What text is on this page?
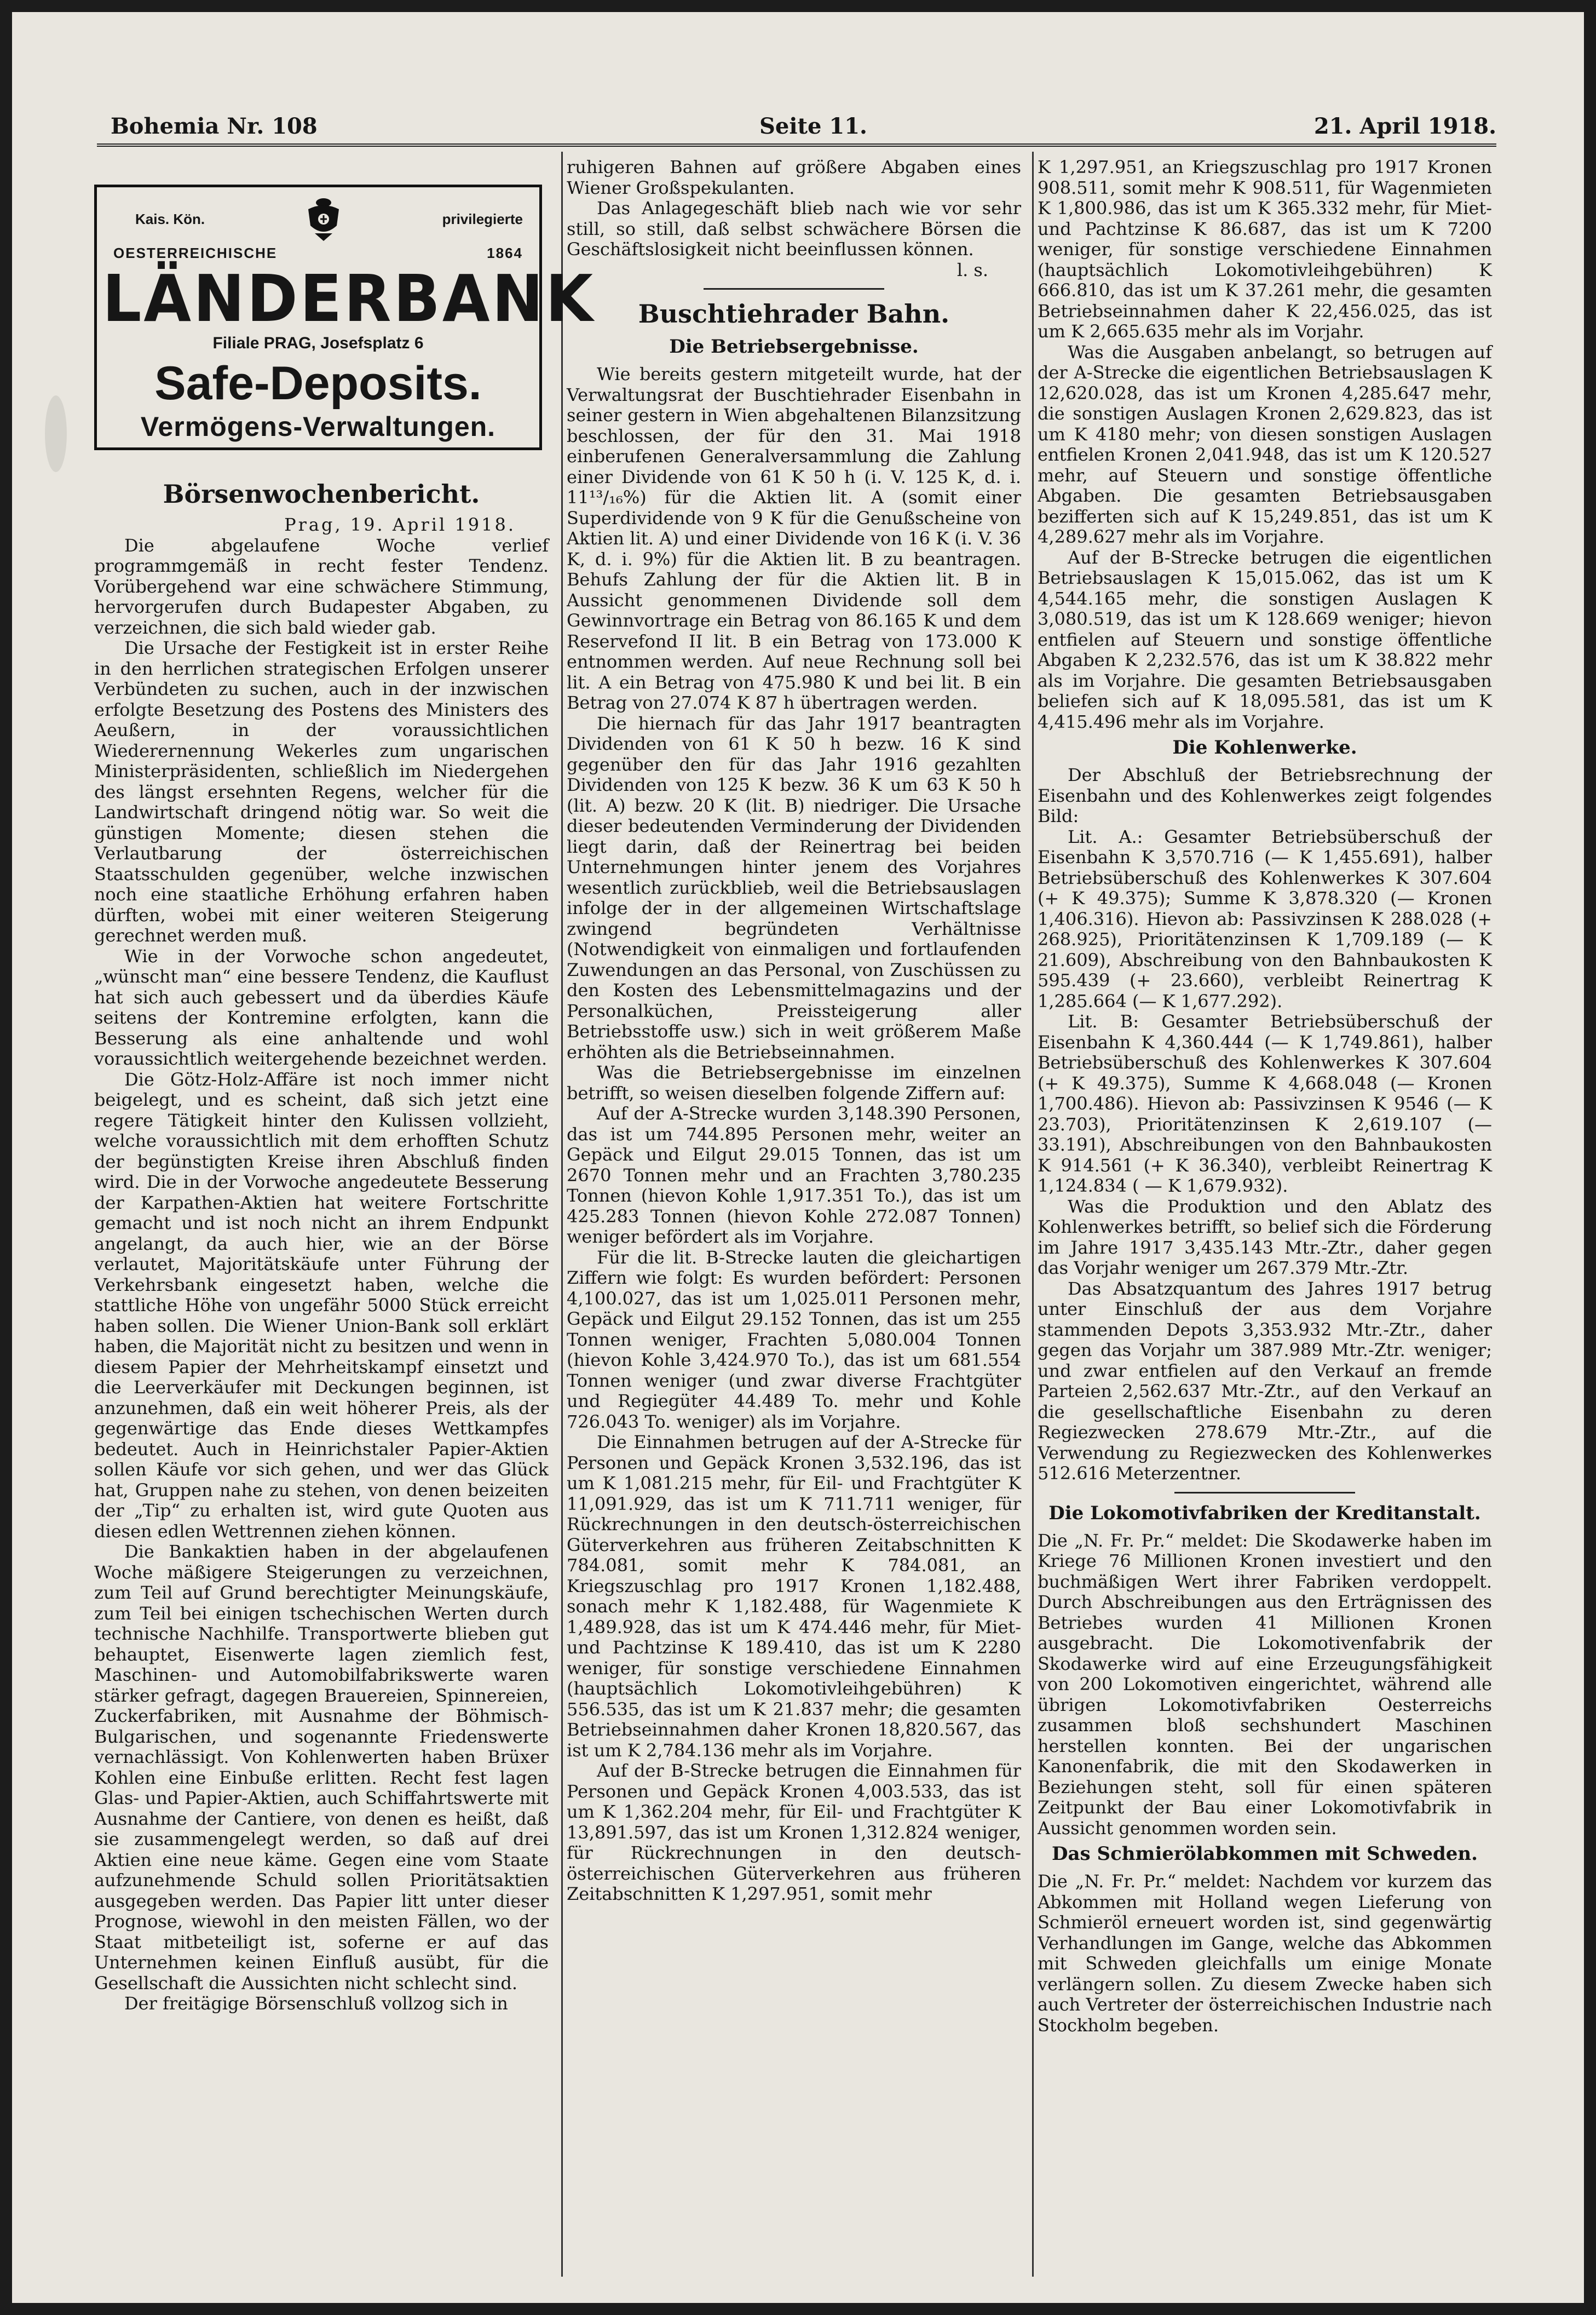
Bohemia Nr. 108	Seite 11.	21. April 1918.
Kais. Kön.	privilegierte
OESTERREICHISCHE	1864
LÄNDERBANK
Filiale PRAG, Josefsplatz 6
Safe-Deposits.
Vermögens-Verwaltungen.
Börsenwochenbericht.

Prag, 19. April 1918.

Die abgelaufene Woche verlief programmgemäß in recht fester Tendenz. Vorübergehend war eine schwächere Stimmung, hervorgerufen durch Budapester Abgaben, zu verzeichnen, die sich bald wieder gab.

Die Ursache der Festigkeit ist in erster Reihe in den herrlichen strategischen Erfolgen unserer Verbündeten zu suchen, auch in der inzwischen erfolgte Besetzung des Postens des Ministers des Aeußern, in der voraussichtlichen Wiederernennung Wekerles zum ungarischen Ministerpräsidenten, schließlich im Niedergehen des längst ersehnten Regens, welcher für die Landwirtschaft dringend nötig war. So weit die günstigen Momente; diesen stehen die Verlautbarung der österreichischen Staatsschulden gegenüber, welche inzwischen noch eine staatliche Erhöhung erfahren haben dürften, wobei mit einer weiteren Steigerung gerechnet werden muß.

Wie in der Vorwoche schon angedeutet, „wünscht man“ eine bessere Tendenz, die Kauflust hat sich auch gebessert und da überdies Käufe seitens der Kontremine erfolgten, kann die Besserung als eine anhaltende und wohl voraussichtlich weitergehende bezeichnet werden.

Die Götz-Holz-Affäre ist noch immer nicht beigelegt, und es scheint, daß sich jetzt eine regere Tätigkeit hinter den Kulissen vollzieht, welche voraussichtlich mit dem erhofften Schutz der begünstigten Kreise ihren Abschluß finden wird. Die in der Vorwoche angedeutete Besserung der Karpathen-Aktien hat weitere Fortschritte gemacht und ist noch nicht an ihrem Endpunkt angelangt, da auch hier, wie an der Börse verlautet, Majoritätskäufe unter Führung der Verkehrsbank eingesetzt haben, welche die stattliche Höhe von ungefähr 5000 Stück erreicht haben sollen. Die Wiener Union-Bank soll erklärt haben, die Majorität nicht zu besitzen und wenn in diesem Papier der Mehrheitskampf einsetzt und die Leerverkäufer mit Deckungen beginnen, ist anzunehmen, daß ein weit höherer Preis, als der gegenwärtige das Ende dieses Wettkampfes bedeutet. Auch in Heinrichstaler Papier-Aktien sollen Käufe vor sich gehen, und wer das Glück hat, Gruppen nahe zu stehen, von denen beizeiten der „Tip“ zu erhalten ist, wird gute Quoten aus diesen edlen Wettrennen ziehen können.

Die Bankaktien haben in der abgelaufenen Woche mäßigere Steigerungen zu verzeichnen, zum Teil auf Grund berechtigter Meinungskäufe, zum Teil bei einigen tschechischen Werten durch technische Nachhilfe. Transportwerte blieben gut behauptet, Eisenwerte lagen ziemlich fest, Maschinen- und Automobilfabrikswerte waren stärker gefragt, dagegen Brauereien, Spinnereien, Zuckerfabriken, mit Ausnahme der Böhmisch-Bulgarischen, und sogenannte Friedenswerte vernachlässigt. Von Kohlenwerten haben Brüxer Kohlen eine Einbuße erlitten. Recht fest lagen Glas- und Papier-Aktien, auch Schiffahrtswerte mit Ausnahme der Cantiere, von denen es heißt, daß sie zusammengelegt werden, so daß auf drei Aktien eine neue käme. Gegen eine vom Staate aufzunehmende Schuld sollen Prioritätsaktien ausgegeben werden. Das Papier litt unter dieser Prognose, wiewohl in den meisten Fällen, wo der Staat mitbeteiligt ist, soferne er auf das Unternehmen keinen Einfluß ausübt, für die Gesellschaft die Aussichten nicht schlecht sind.

Der freitägige Börsenschluß vollzog sich in

ruhigeren Bahnen auf größere Abgaben eines Wiener Großspekulanten.

Das Anlagegeschäft blieb nach wie vor sehr still, so still, daß selbst schwächere Börsen die Geschäftslosigkeit nicht beeinflussen können.

l. s.

Buschtiehrader Bahn.
Die Betriebsergebnisse.

Wie bereits gestern mitgeteilt wurde, hat der Verwaltungsrat der Buschtiehrader Eisenbahn in seiner gestern in Wien abgehaltenen Bilanzsitzung beschlossen, der für den 31. Mai 1918 einberufenen Generalversammlung die Zahlung einer Dividende von 61 K 50 h (i. V. 125 K, d. i. 11¹³/₁₆%) für die Aktien lit. A (somit einer Superdividende von 9 K für die Genußscheine von Aktien lit. A) und einer Dividende von 16 K (i. V. 36 K, d. i. 9%) für die Aktien lit. B zu beantragen. Behufs Zahlung der für die Aktien lit. B in Aussicht genommenen Dividende soll dem Gewinnvortrage ein Betrag von 86.165 K und dem Reservefond II lit. B ein Betrag von 173.000 K entnommen werden. Auf neue Rechnung soll bei lit. A ein Betrag von 475.980 K und bei lit. B ein Betrag von 27.074 K 87 h übertragen werden.

Die hiernach für das Jahr 1917 beantragten Dividenden von 61 K 50 h bezw. 16 K sind gegenüber den für das Jahr 1916 gezahlten Dividenden von 125 K bezw. 36 K um 63 K 50 h (lit. A) bezw. 20 K (lit. B) niedriger. Die Ursache dieser bedeutenden Verminderung der Dividenden liegt darin, daß der Reinertrag bei beiden Unternehmungen hinter jenem des Vorjahres wesentlich zurückblieb, weil die Betriebsauslagen infolge der in der allgemeinen Wirtschaftslage zwingend begründeten Verhältnisse (Notwendigkeit von einmaligen und fortlaufenden Zuwendungen an das Personal, von Zuschüssen zu den Kosten des Lebensmittelmagazins und der Personalküchen, Preissteigerung aller Betriebsstoffe usw.) sich in weit größerem Maße erhöhten als die Betriebseinnahmen.

Was die Betriebsergebnisse im einzelnen betrifft, so weisen dieselben folgende Ziffern auf:

Auf der A-Strecke wurden 3,148.390 Personen, das ist um 744.895 Personen mehr, weiter an Gepäck und Eilgut 29.015 Tonnen, das ist um 2670 Tonnen mehr und an Frachten 3,780.235 Tonnen (hievon Kohle 1,917.351 To.), das ist um 425.283 Tonnen (hievon Kohle 272.087 Tonnen) weniger befördert als im Vorjahre.

Für die lit. B-Strecke lauten die gleichartigen Ziffern wie folgt: Es wurden befördert: Personen 4,100.027, das ist um 1,025.011 Personen mehr, Gepäck und Eilgut 29.152 Tonnen, das ist um 255 Tonnen weniger, Frachten 5,080.004 Tonnen (hievon Kohle 3,424.970 To.), das ist um 681.554 Tonnen weniger (und zwar diverse Frachtgüter und Regiegüter 44.489 To. mehr und Kohle 726.043 To. weniger) als im Vorjahre.

Die Einnahmen betrugen auf der A-Strecke für Personen und Gepäck Kronen 3,532.196, das ist um K 1,081.215 mehr, für Eil- und Frachtgüter K 11,091.929, das ist um K 711.711 weniger, für Rückrechnungen in den deutsch-österreichischen Güterverkehren aus früheren Zeitabschnitten K 784.081, somit mehr K 784.081, an Kriegszuschlag pro 1917 Kronen 1,182.488, sonach mehr K 1,182.488, für Wagenmiete K 1,489.928, das ist um K 474.446 mehr, für Miet- und Pachtzinse K 189.410, das ist um K 2280 weniger, für sonstige verschiedene Einnahmen (hauptsächlich Lokomotivleihgebühren) K 556.535, das ist um K 21.837 mehr; die gesamten Betriebseinnahmen daher Kronen 18,820.567, das ist um K 2,784.136 mehr als im Vorjahre.

Auf der B-Strecke betrugen die Einnahmen für Personen und Gepäck Kronen 4,003.533, das ist um K 1,362.204 mehr, für Eil- und Frachtgüter K 13,891.597, das ist um Kronen 1,312.824 weniger, für Rückrechnungen in den deutsch-österreichischen Güterverkehren aus früheren Zeitabschnitten K 1,297.951, somit mehr

K 1,297.951, an Kriegszuschlag pro 1917 Kronen 908.511, somit mehr K 908.511, für Wagenmieten K 1,800.986, das ist um K 365.332 mehr, für Miet- und Pachtzinse K 86.687, das ist um K 7200 weniger, für sonstige verschiedene Einnahmen (hauptsächlich Lokomotivleihgebühren) K 666.810, das ist um K 37.261 mehr, die gesamten Betriebseinnahmen daher K 22,456.025, das ist um K 2,665.635 mehr als im Vorjahr.

Was die Ausgaben anbelangt, so betrugen auf der A-Strecke die eigentlichen Betriebsauslagen K 12,620.028, das ist um Kronen 4,285.647 mehr, die sonstigen Auslagen Kronen 2,629.823, das ist um K 4180 mehr; von diesen sonstigen Auslagen entfielen Kronen 2,041.948, das ist um K 120.527 mehr, auf Steuern und sonstige öffentliche Abgaben. Die gesamten Betriebsausgaben bezifferten sich auf K 15,249.851, das ist um K 4,289.627 mehr als im Vorjahre.

Auf der B-Strecke betrugen die eigentlichen Betriebsauslagen K 15,015.062, das ist um K 4,544.165 mehr, die sonstigen Auslagen K 3,080.519, das ist um K 128.669 weniger; hievon entfielen auf Steuern und sonstige öffentliche Abgaben K 2,232.576, das ist um K 38.822 mehr als im Vorjahre. Die gesamten Betriebsausgaben beliefen sich auf K 18,095.581, das ist um K 4,415.496 mehr als im Vorjahre.

Die Kohlenwerke.

Der Abschluß der Betriebsrechnung der Eisenbahn und des Kohlenwerkes zeigt folgendes Bild:

Lit. A.: Gesamter Betriebsüberschuß der Eisenbahn K 3,570.716 (— K 1,455.691), halber Betriebsüberschuß des Kohlenwerkes K 307.604 (+ K 49.375); Summe K 3,878.320 (— Kronen 1,406.316). Hievon ab: Passivzinsen K 288.028 (+ 268.925), Prioritätenzinsen K 1,709.189 (— K 21.609), Abschreibung von den Bahnbaukosten K 595.439 (+ 23.660), verbleibt Reinertrag K 1,285.664 (— K 1,677.292).

Lit. B: Gesamter Betriebsüberschuß der Eisenbahn K 4,360.444 (— K 1,749.861), halber Betriebsüberschuß des Kohlenwerkes K 307.604 (+ K 49.375), Summe K 4,668.048 (— Kronen 1,700.486). Hievon ab: Passivzinsen K 9546 (— K 23.703), Prioritätenzinsen K 2,619.107 (— 33.191), Abschreibungen von den Bahnbaukosten K 914.561 (+ K 36.340), verbleibt Reinertrag K 1,124.834 ( — K 1,679.932).

Was die Produktion und den Ablatz des Kohlenwerkes betrifft, so belief sich die Förderung im Jahre 1917 3,435.143 Mtr.-Ztr., daher gegen das Vorjahr weniger um 267.379 Mtr.-Ztr.

Das Absatzquantum des Jahres 1917 betrug unter Einschluß der aus dem Vorjahre stammenden Depots 3,353.932 Mtr.-Ztr., daher gegen das Vorjahr um 387.989 Mtr.-Ztr. weniger; und zwar entfielen auf den Verkauf an fremde Parteien 2,562.637 Mtr.-Ztr., auf den Verkauf an die gesellschaftliche Eisenbahn zu deren Regiezwecken 278.679 Mtr.-Ztr., auf die Verwendung zu Regiezwecken des Kohlenwerkes 512.616 Meterzentner.

Die Lokomotivfabriken der Kreditanstalt.

Die „N. Fr. Pr.“ meldet: Die Skodawerke haben im Kriege 76 Millionen Kronen investiert und den buchmäßigen Wert ihrer Fabriken verdoppelt. Durch Abschreibungen aus den Erträgnissen des Betriebes wurden 41 Millionen Kronen ausgebracht. Die Lokomotivenfabrik der Skodawerke wird auf eine Erzeugungsfähigkeit von 200 Lokomotiven eingerichtet, während alle übrigen Lokomotivfabriken Oesterreichs zusammen bloß sechshundert Maschinen herstellen konnten. Bei der ungarischen Kanonenfabrik, die mit den Skodawerken in Beziehungen steht, soll für einen späteren Zeitpunkt der Bau einer Lokomotivfabrik in Aussicht genommen worden sein.

Das Schmierölabkommen mit Schweden.

Die „N. Fr. Pr.“ meldet: Nachdem vor kurzem das Abkommen mit Holland wegen Lieferung von Schmieröl erneuert worden ist, sind gegenwärtig Verhandlungen im Gange, welche das Abkommen mit Schweden gleichfalls um einige Monate verlängern sollen. Zu diesem Zwecke haben sich auch Vertreter der österreichischen Industrie nach Stockholm begeben.
